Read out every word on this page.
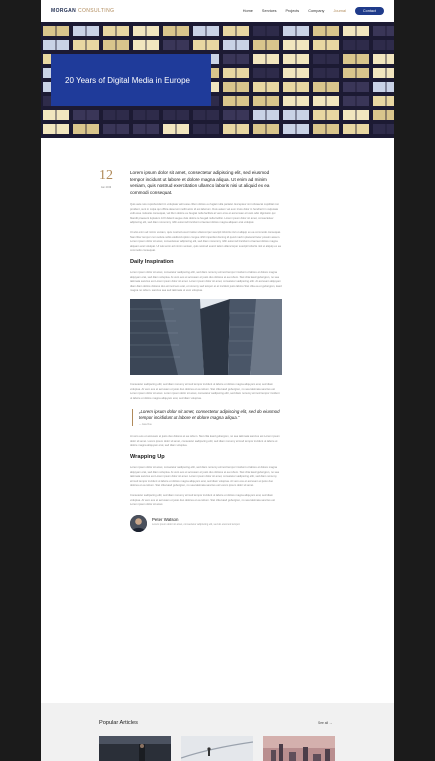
MORGAN CONSULTING	Home Services Projects Company Journal	Contact
20 Years of Digital Media in Europe
12
Jan 2019

Lorem ipsum dolor sit amet, consectetur adipiscing elit, sed eiusmod tempor incidunt ut labore et dolore magna aliqua. Ut enim ad minim veniam, quis nostrud exercitation ullamco laboris nisi ut aliquid ex ea commodi consequat.

Quis aute iure reprehenderit in voluptate velit esse cillum dolore eu fugiat nulla pariatur. Excepteur sint obcaecat cupiditat non proident, sunt in culpa qui officia deserunt mollit anim id est laborum. Duis autem vel eum iriure dolor in hendrerit in vulputate velit esse molestie consequat, vel illum dolore eu feugiat nulla facilisis at vero eros et accumsan et iusto odio dignissim qui blandit praesent luptatum zzril delenit augue duis dolore te feugait nulla facilisi. Lorem ipsum dolor sit amet, consectetuer adipiscing elit, sed diam nonummy nibh euismod tincidunt ut laoreet dolore magna aliquam erat volutpat.

Ut wisi enim ad minim veniam, quis nostrud exerci tation ullamcorper suscipit lobortis nisl ut aliquip ex ea commodo consequat. Nam liber tempor cum soluta nobis eleifend option congue nihil imperdiet doming id quod mazim placerat facer possim assum. Lorem ipsum dolor sit amet, consectetuer adipiscing elit, sed diam nonummy nibh euismod tincidunt ut laoreet dolore magna aliquam erat volutpat. Ut wisi enim ad minim veniam, quis nostrud exerci tation ullamcorper suscipit lobortis nisl ut aliquip ex ea commodo consequat.

Daily Inspiration

Lorem ipsum dolor sit amet, consetetur sadipscing elitr, sed diam nonumy eirmod tempor invidunt ut labore et dolore magna aliquyam erat, sed diam voluptua. At vero eos et accusam et justo duo dolores et ea rebum. Stet clita kasd gubergren, no sea takimata sanctus est Lorem ipsum dolor sit amet. Lorem ipsum dolor sit amet, consetetur sadipscing elitr. At accusam aliquyam diam diam dolore dolores duo eirmod eos erat, et nonumy sed tempor et et invidunt justo labore Stet clita ea et gubergren, kasd magna no rebum. sanctus sea sed takimata ut vero voluptua.

Consetetur sadipscing elitr, sed diam nonumy eirmod tempor invidunt ut labore et dolore magna aliquyam erat, sed diam voluptua. At vero eos et accusam et justo duo dolores et ea rebum. Stet clita kasd gubergren, no sea takimata sanctus est Lorem ipsum dolor sit amet. Lorem ipsum dolor sit amet, consetetur sadipscing elitr, sed diam nonumy eirmod tempor invidunt ut labore et dolore magna aliquyam erat, sed diam voluptua.

„Lorem ipsum dolor sit amet, consectetur adipiscing elit, sed do eiusmod tempor incididunt ut labore et dolore magna aliqua.“

— Jane Doe

At vero eos et accusam et justo duo dolores et ea rebum. Stet clita kasd gubergren, no sea takimata sanctus est Lorem ipsum dolor sit amet. Lorem ipsum dolor sit amet, consetetur sadipscing elitr, sed diam nonumy eirmod tempor invidunt ut labore et dolore magna aliquyam erat, sed diam voluptua.

Wrapping Up

Lorem ipsum dolor sit amet, consetetur sadipscing elitr, sed diam nonumy eirmod tempor invidunt ut labore et dolore magna aliquyam erat, sed diam voluptua. At vero eos et accusam et justo duo dolores et ea rebum. Stet clita kasd gubergren, no sea takimata sanctus est Lorem ipsum dolor sit amet. Lorem ipsum dolor sit amet, consetetur sadipscing elitr, sed diam nonumy eirmod tempor invidunt ut labore et dolore magna aliquyam erat, sed diam voluptua. At vero eos et accusam et justo duo dolores et ea rebum. Stet clita kasd gubergren, no sea takimata sanctus est Lorem ipsum dolor sit amet.

Consetetur sadipscing elitr, sed diam nonumy eirmod tempor invidunt ut labore et dolore magna aliquyam erat, sed diam voluptua. At vero eos et accusam et justo duo dolores et ea rebum. Stet clita kasd gubergren, no sea takimata sanctus est Lorem ipsum dolor sit amet.

Peter Watson
Lorem ipsum dolor sit amet, consectetur adipiscing elit, sed do eiusmod tempor.
Popular Articles	See all →
